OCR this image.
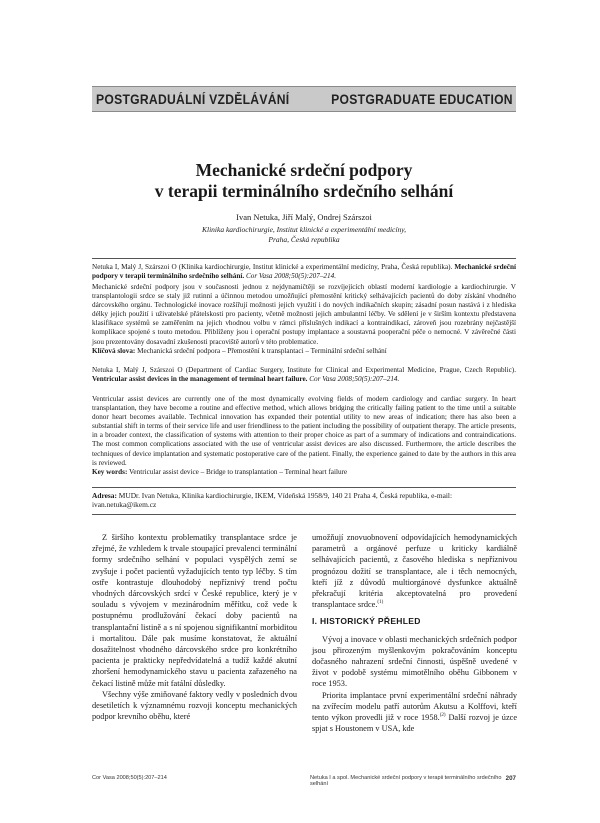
POSTGRADUÁLNÍ VZDĚLÁVÁNÍ	POSTGRADUATE EDUCATION
Mechanické srdeční podpory
v terapii terminálního srdečního selhání
Ivan Netuka, Jiří Malý, Ondrej Szárszoi
Klinika kardiochirurgie, Institut klinické a experimentální medicíny,
Praha, Česká republika
Netuka I, Malý J, Szárszoi O (Klinika kardiochirurgie, Institut klinické a experimentální medicíny, Praha, Česká republika). Mechanické srdeční podpory v terapii terminálního srdečního selhání. Cor Vasa 2008;50(5):207–214.

Mechanické srdeční podpory jsou v současnosti jednou z nejdynamičtěji se rozvíjejících oblastí moderní kardiologie a kardiochirurgie. V transplantologii srdce se staly již rutinní a účinnou metodou umožňující přemostění kritický selhávajících pacientů do doby získání vhodného dárcovského orgánu. Technologické inovace rozšířují možnosti jejich využití i do nových indikačních skupin; zásadní posun nastává i z hlediska délky jejich použití i uživatelské přátelskosti pro pacienty, včetně možnosti jejich ambulantní léčby. Ve sdělení je v širším kontextu představena klasifikace systémů se zaměřením na jejich vhodnou volbu v rámci příslušných indikací a kontraindikací, zároveň jsou rozebrány nejčastější komplikace spojené s touto metodou. Přiblíženy jsou i operační postupy implantace a soustavná pooperační péče o nemocné. V závěrečné části jsou prezentovány dosavadní zkušenosti pracoviště autorů v této problematice.

Klíčová slova: Mechanická srdeční podpora – Přemostění k transplantaci – Terminální srdeční selhání

Netuka I, Malý J, Szárszoi O (Department of Cardiac Surgery, Institute for Clinical and Experimental Medicine, Prague, Czech Republic). Ventricular assist devices in the management of terminal heart failure. Cor Vasa 2008;50(5):207–214.

Ventricular assist devices are currently one of the most dynamically evolving fields of modern cardiology and cardiac surgery. In heart transplantation, they have become a routine and effective method, which allows bridging the critically failing patient to the time until a suitable donor heart becomes available. Technical innovation has expanded their potential utility to new areas of indication; there has also been a substantial shift in terms of their service life and user friendliness to the patient including the possibility of outpatient therapy. The article presents, in a broader context, the classification of systems with attention to their proper choice as part of a summary of indications and contraindications. The most common complications associated with the use of ventricular assist devices are also discussed. Furthermore, the article describes the techniques of device implantation and systematic postoperative care of the patient. Finally, the experience gained to date by the authors in this area is reviewed.

Key words: Ventricular assist device – Bridge to transplantation – Terminal heart failure

Adresa: MUDr. Ivan Netuka, Klinika kardiochirurgie, IKEM, Vídeňská 1958/9, 140 21 Praha 4, Česká republika, e-mail:

ivan.netuka@ikem.cz

Z širšího kontextu problematiky transplantace srdce je zřejmé, že vzhledem k trvale stoupající prevalenci terminální formy srdečního selhání v populaci vyspělých zemí se zvyšuje i počet pacientů vyžadujících tento typ léčby. S tím ostře kontrastuje dlouhodobý nepříznivý trend počtu vhodných dárcovských srdcí v České republice, který je v souladu s vývojem v mezinárodním měřítku, což vede k postupnému prodlužování čekací doby pacientů na transplantační listině a s ní spojenou signifikantní morbiditou i mortalitou. Dále pak musíme konstatovat, že aktuální dosažitelnost vhodného dárcovského srdce pro konkrétního pacienta je prakticky nepředvídatelná a tudíž každé akutní zhoršení hemodynamického stavu u pacienta zařazeného na čekací listině může mít fatální důsledky.

Všechny výše zmiňované faktory vedly v posledních dvou desetiletích k významnému rozvoji konceptu mechanických podpor krevního oběhu, které

umožňují znovuobnovení odpovídajících hemodynamických parametrů a orgánové perfuze u kriticky kardiálně selhávajících pacientů, z časového hlediska s nepříznivou prognózou dožití se transplantace, ale i těch nemocných, kteří jíž z důvodů multiorgánové dysfunkce aktuálně překračují kritéria akceptovatelná pro provedení transplantace srdce.$^{(1)}$

I. HISTORICKÝ PŘEHLED

Vývoj a inovace v oblasti mechanických srdečních podpor jsou přirozeným myšlenkovým pokračováním konceptu dočasného nahrazení srdeční činnosti, úspěšně uvedené v život v podobě systému mimotělního oběhu Gibbonem v roce 1953.

Priorita implantace první experimentální srdeční náhrady na zvířecím modelu patří autorům Akutsu a Kolffovi, kteří tento výkon provedli již v roce 1958.$^{(2)}$ Další rozvoj je úzce spjat s Houstonem v USA, kde

Cor Vasa 2008;50(5):207–214	Netuka I a spol. Mechanické srdeční podpory v terapii terminálního srdečního selhání
207
